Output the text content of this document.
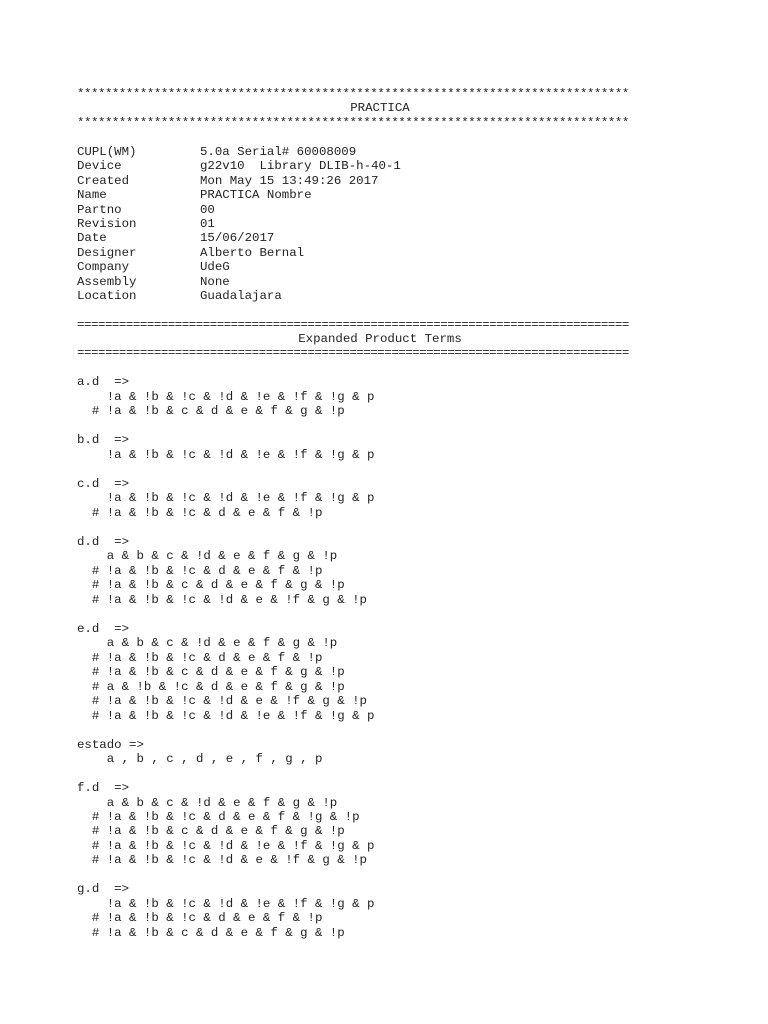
*******************************************************************************
PRACTICA
*******************************************************************************
CUPL(WM)	5.0a Serial# 60008009
Device	g22v10  Library DLIB-h-40-1
Created	Mon May 15 13:49:26 2017
Name	PRACTICA Nombre
Partno	00
Revision	01
Date	15/06/2017
Designer	Alberto Bernal
Company	UdeG
Assembly	None
Location	Guadalajara
===============================================================================
Expanded Product Terms
===============================================================================
a.d  =>
!a & !b & !c & !d & !e & !f & !g & p
# !a & !b & c & d & e & f & g & !p
b.d  =>
!a & !b & !c & !d & !e & !f & !g & p
c.d  =>
!a & !b & !c & !d & !e & !f & !g & p
# !a & !b & !c & d & e & f & !p
d.d  =>
a & b & c & !d & e & f & g & !p
# !a & !b & !c & d & e & f & !p
# !a & !b & c & d & e & f & g & !p
# !a & !b & !c & !d & e & !f & g & !p
e.d  =>
a & b & c & !d & e & f & g & !p
# !a & !b & !c & d & e & f & !p
# !a & !b & c & d & e & f & g & !p
# a & !b & !c & d & e & f & g & !p
# !a & !b & !c & !d & e & !f & g & !p
# !a & !b & !c & !d & !e & !f & !g & p
estado =>
a , b , c , d , e , f , g , p
f.d  =>
a & b & c & !d & e & f & g & !p
# !a & !b & !c & d & e & f & !g & !p
# !a & !b & c & d & e & f & g & !p
# !a & !b & !c & !d & !e & !f & !g & p
# !a & !b & !c & !d & e & !f & g & !p
g.d  =>
!a & !b & !c & !d & !e & !f & !g & p
# !a & !b & !c & d & e & f & !p
# !a & !b & c & d & e & f & g & !p
